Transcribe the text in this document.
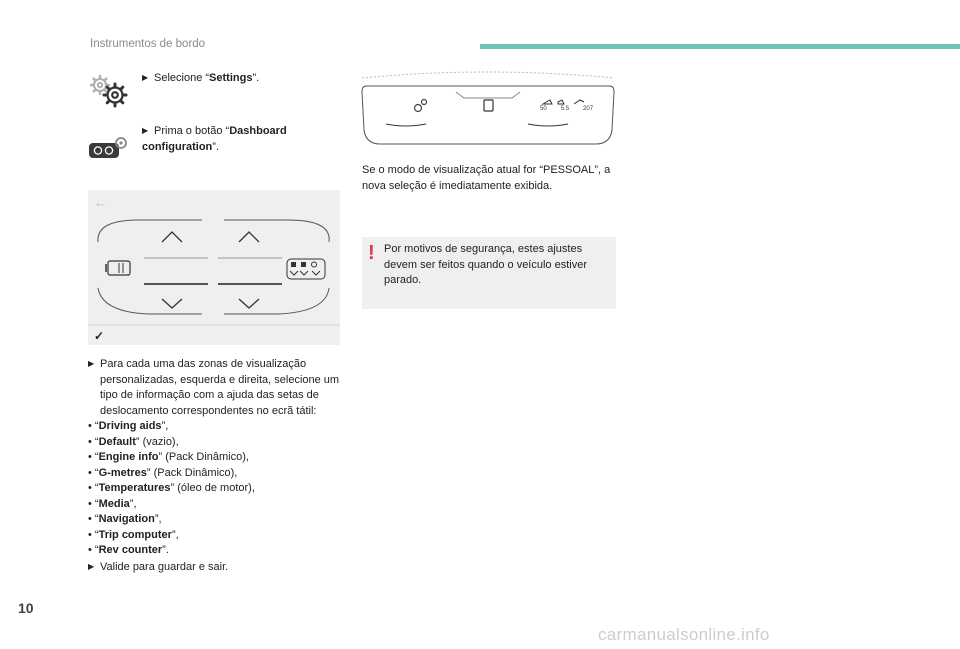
Instrumentos de bordo
▶ Selecione “Settings”.
▶ Prima o botão “Dashboard configuration”.
←
✓
▶ Para cada uma das zonas de visualização personalizadas, esquerda e direita, selecione um tipo de informação com a ajuda das setas de deslocamento correspondentes no ecrã tátil:
• “Driving aids”,
• “Default” (vazio),
• “Engine info” (Pack Dinâmico),
• “G-metres” (Pack Dinâmico),
• “Temperatures” (óleo de motor),
• “Media”,
• “Navigation”,
• “Trip computer”,
• “Rev counter”.
▶ Valide para guardar e sair.
50 5.5 207
Se o modo de visualização atual for “PESSOAL”, a nova seleção é imediatamente exibida.
! Por motivos de segurança, estes ajustes devem ser feitos quando o veículo estiver parado.
10
carmanualsonline.info
